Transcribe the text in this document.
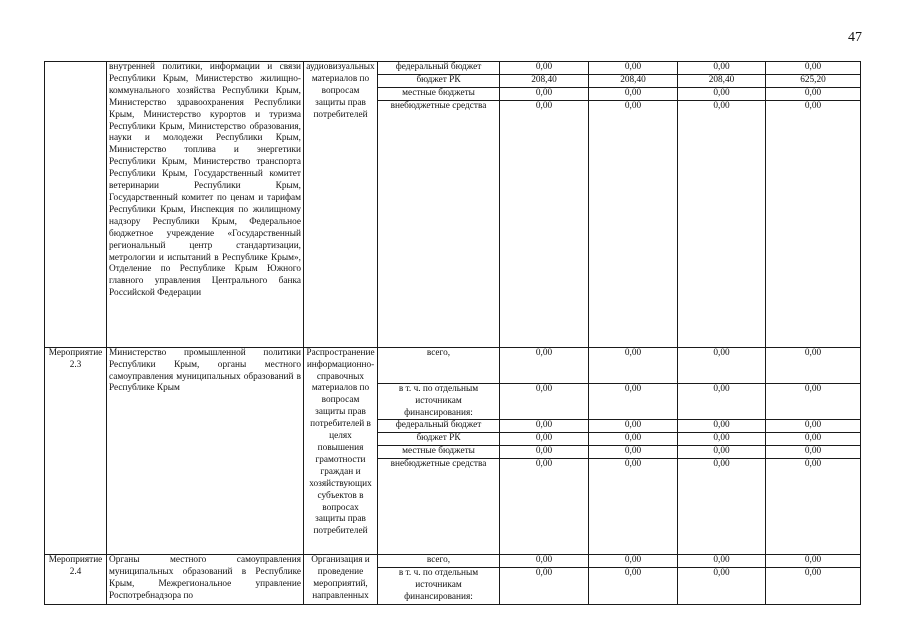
47
	внутренней политики, информации и связи Республики Крым, Министерство жилищно-коммунального хозяйства Республики Крым, Министерство здравоохранения Республики Крым, Министерство курортов и туризма Республики Крым, Министерство образования, науки и молодежи Республики Крым, Министерство топлива и энергетики Республики Крым, Министерство транспорта Республики Крым, Государственный комитет ветеринарии Республики Крым, Государственный комитет по ценам и тарифам Республики Крым, Инспекция по жилищному надзору Республики Крым, Федеральное бюджетное учреждение «Государственный региональный центр стандартизации, метрологии и испытаний в Республике Крым», Отделение по Республике Крым Южного главного управления Центрального банка Российской Федерации	аудиовизуальных материалов по вопросам защиты прав потребителей	федеральный бюджет	0,00	0,00	0,00	0,00
			бюджет РК	208,40	208,40	208,40	625,20
			местные бюджеты	0,00	0,00	0,00	0,00
			внебюджетные средства	0,00	0,00	0,00	0,00
Мероприятие 2.3	Министерство промышленной политики Республики Крым, органы местного самоуправления муниципальных образований в Республике Крым	Распространение информационно-справочных материалов по вопросам защиты прав потребителей в целях повышения грамотности граждан и хозяйствующих субъектов в вопросах защиты прав потребителей	всего,	0,00	0,00	0,00	0,00
			в т. ч. по отдельным источникам финансирования:	0,00	0,00	0,00	0,00
			федеральный бюджет	0,00	0,00	0,00	0,00
			бюджет РК	0,00	0,00	0,00	0,00
			местные бюджеты	0,00	0,00	0,00	0,00
			внебюджетные средства	0,00	0,00	0,00	0,00
Мероприятие 2.4	Органы местного самоуправления муниципальных образований в Республике Крым, Межрегиональное управление Роспотребнадзора по	Организация и проведение мероприятий, направленных	всего,	0,00	0,00	0,00	0,00
			в т. ч. по отдельным источникам финансирования:	0,00	0,00	0,00	0,00
